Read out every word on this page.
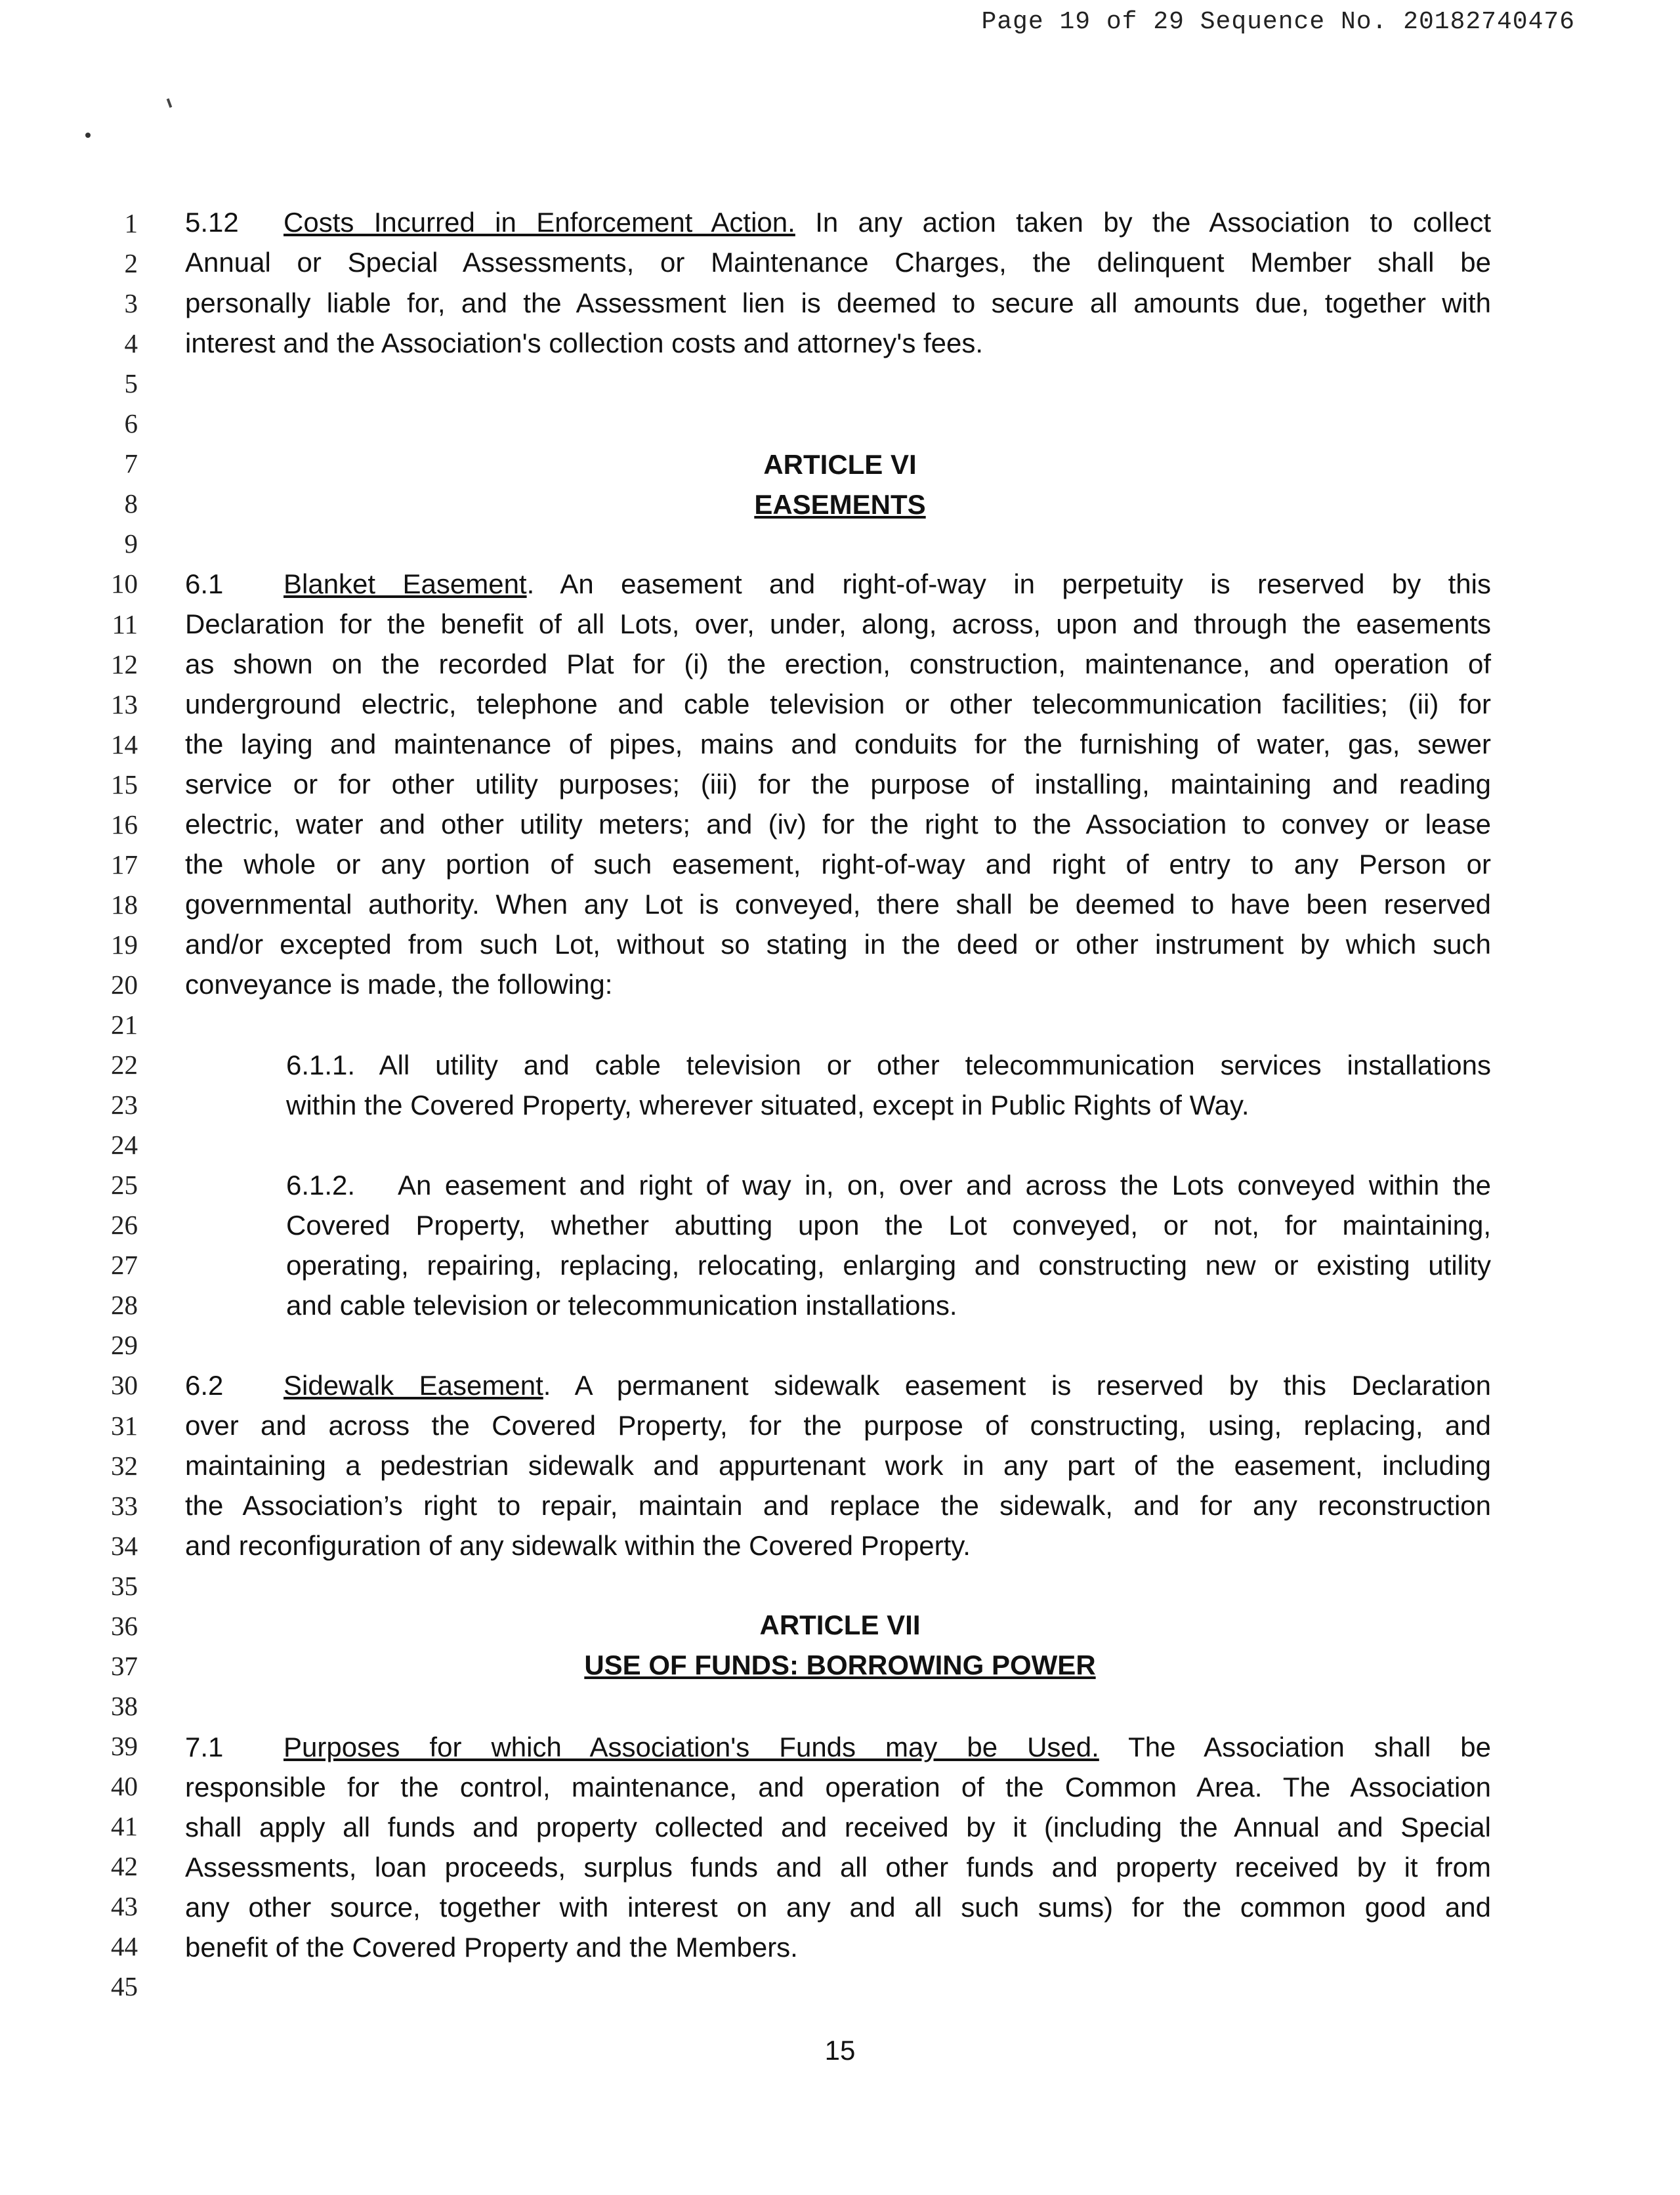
Page 19 of 29 Sequence No. 20182740476
1
2
3
4
5
6
7
8
9
10
11
12
13
14
15
16
17
18
19
20
21
22
23
24
25
26
27
28
29
30
31
32
33
34
35
36
37
38
39
40
41
42
43
44
45
5.12 Costs Incurred in Enforcement Action. In any action taken by the Association to collect
Annual or Special Assessments, or Maintenance Charges, the delinquent Member shall be
personally liable for, and the Assessment lien is deemed to secure all amounts due, together with
interest and the Association's collection costs and attorney's fees.
ARTICLE VI
EASEMENTS
6.1 Blanket Easement. An easement and right-of-way in perpetuity is reserved by this
Declaration for the benefit of all Lots, over, under, along, across, upon and through the easements
as shown on the recorded Plat for (i) the erection, construction, maintenance, and operation of
underground electric, telephone and cable television or other telecommunication facilities; (ii) for
the laying and maintenance of pipes, mains and conduits for the furnishing of water, gas, sewer
service or for other utility purposes; (iii) for the purpose of installing, maintaining and reading
electric, water and other utility meters; and (iv) for the right to the Association to convey or lease
the whole or any portion of such easement, right-of-way and right of entry to any Person or
governmental authority. When any Lot is conveyed, there shall be deemed to have been reserved
and/or excepted from such Lot, without so stating in the deed or other instrument by which such
conveyance is made, the following:
6.1.1. All utility and cable television or other telecommunication services installations
within the Covered Property, wherever situated, except in Public Rights of Way.
6.1.2. An easement and right of way in, on, over and across the Lots conveyed within the
Covered Property, whether abutting upon the Lot conveyed, or not, for maintaining,
operating, repairing, replacing, relocating, enlarging and constructing new or existing utility
and cable television or telecommunication installations.
6.2 Sidewalk Easement. A permanent sidewalk easement is reserved by this Declaration
over and across the Covered Property, for the purpose of constructing, using, replacing, and
maintaining a pedestrian sidewalk and appurtenant work in any part of the easement, including
the Association’s right to repair, maintain and replace the sidewalk, and for any reconstruction
and reconfiguration of any sidewalk within the Covered Property.
ARTICLE VII
USE OF FUNDS: BORROWING POWER
7.1 Purposes for which Association's Funds may be Used. The Association shall be
responsible for the control, maintenance, and operation of the Common Area. The Association
shall apply all funds and property collected and received by it (including the Annual and Special
Assessments, loan proceeds, surplus funds and all other funds and property received by it from
any other source, together with interest on any and all such sums) for the common good and
benefit of the Covered Property and the Members.
15
